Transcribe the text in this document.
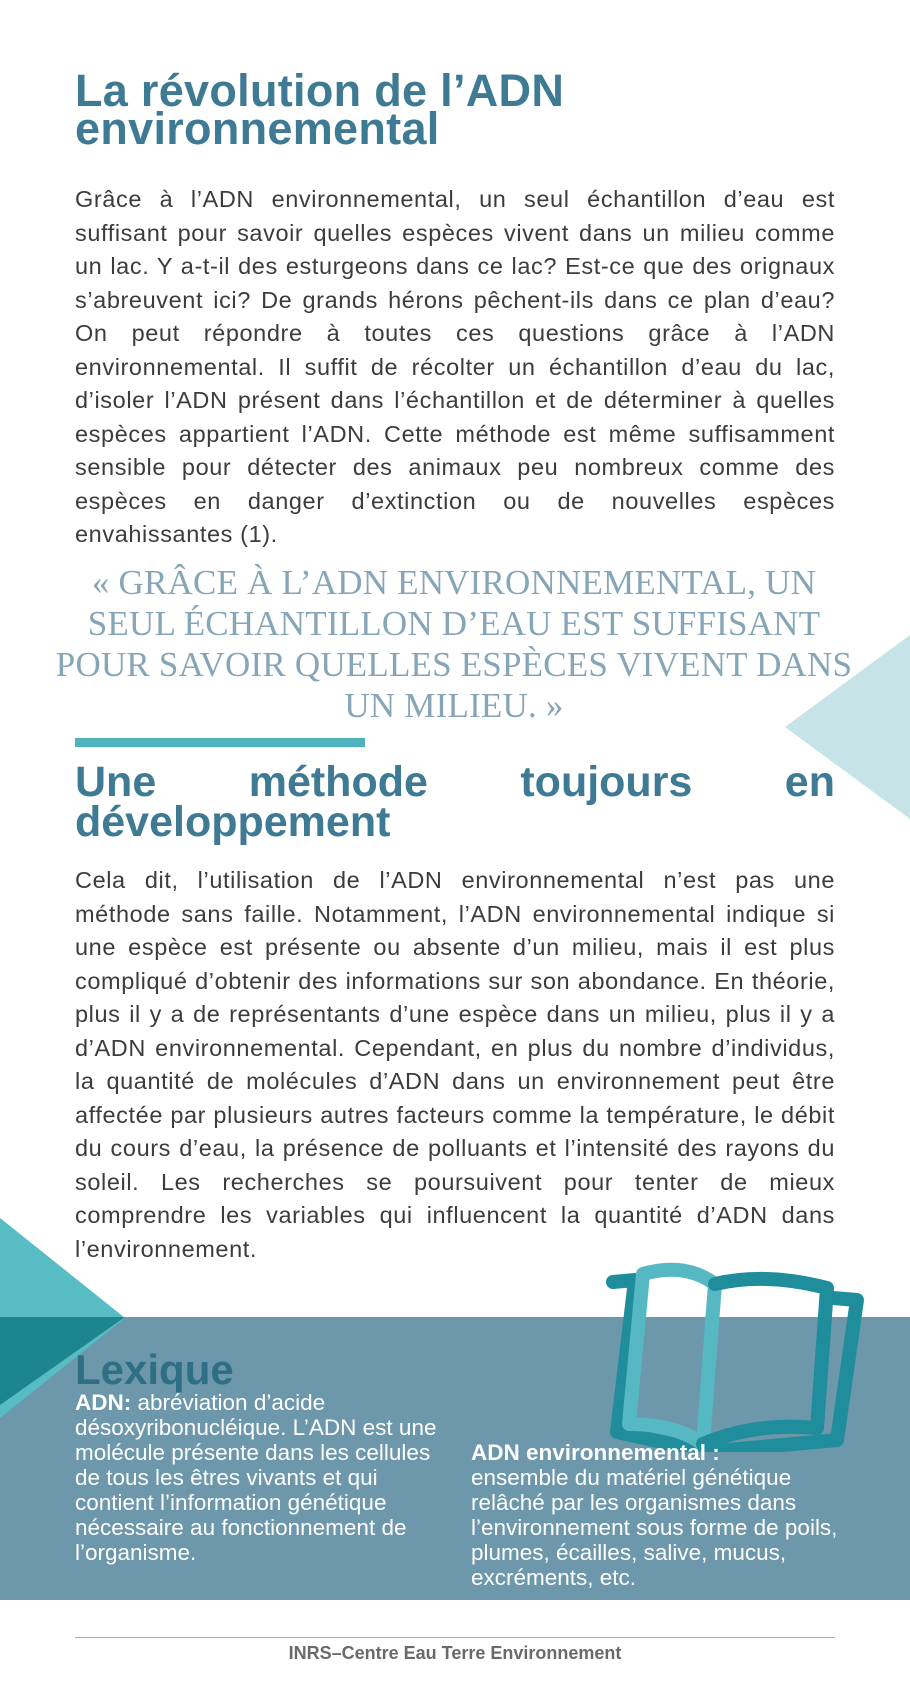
La révolution de l’ADN environnemental

Grâce à l’ADN environnemental, un seul échantillon d’eau est suffisant pour savoir quelles espèces vivent dans un milieu comme un lac. Y a-t-il des esturgeons dans ce lac? Est-ce que des orignaux s’abreuvent ici? De grands hérons pêchent-ils dans ce plan d’eau? On peut répondre à toutes ces questions grâce à l’ADN environnemental. Il suffit de récolter un échantillon d’eau du lac, d’isoler l’ADN présent dans l’échantillon et de déterminer à quelles espèces appartient l’ADN. Cette méthode est même suffisamment sensible pour détecter des animaux peu nombreux comme des espèces en danger d’extinction ou de nouvelles espèces envahissantes (1).

« GRÂCE À L’ADN ENVIRONNEMENTAL, UN SEUL ÉCHANTILLON D’EAU EST SUFFISANT POUR SAVOIR QUELLES ESPÈCES VIVENT DANS UN MILIEU. »

Une méthode toujours en
développement

Cela dit, l’utilisation de l’ADN environnemental n’est pas une méthode sans faille. Notamment, l’ADN environnemental indique si une espèce est présente ou absente d’un milieu, mais il est plus compliqué d’obtenir des informations sur son abondance. En théorie, plus il y a de représentants d’une espèce dans un milieu, plus il y a d’ADN environnemental. Cependant, en plus du nombre d’individus, la quantité de molécules d’ADN dans un environnement peut être affectée par plusieurs autres facteurs comme la température, le débit du cours d’eau, la présence de polluants et l’intensité des rayons du soleil. Les recherches se poursuivent pour tenter de mieux comprendre les variables qui influencent la quantité d’ADN dans l’environnement.

Lexique

ADN: abréviation d’acide désoxyribonucléique. L’ADN est une molécule présente dans les cellules de tous les êtres vivants et qui contient l’information génétique nécessaire au fonctionnement de l’organisme.

ADN environnemental :
ensemble du matériel génétique relâché par les organismes dans l’environnement sous forme de poils, plumes, écailles, salive, mucus, excréments, etc.

INRS–Centre Eau Terre Environnement
